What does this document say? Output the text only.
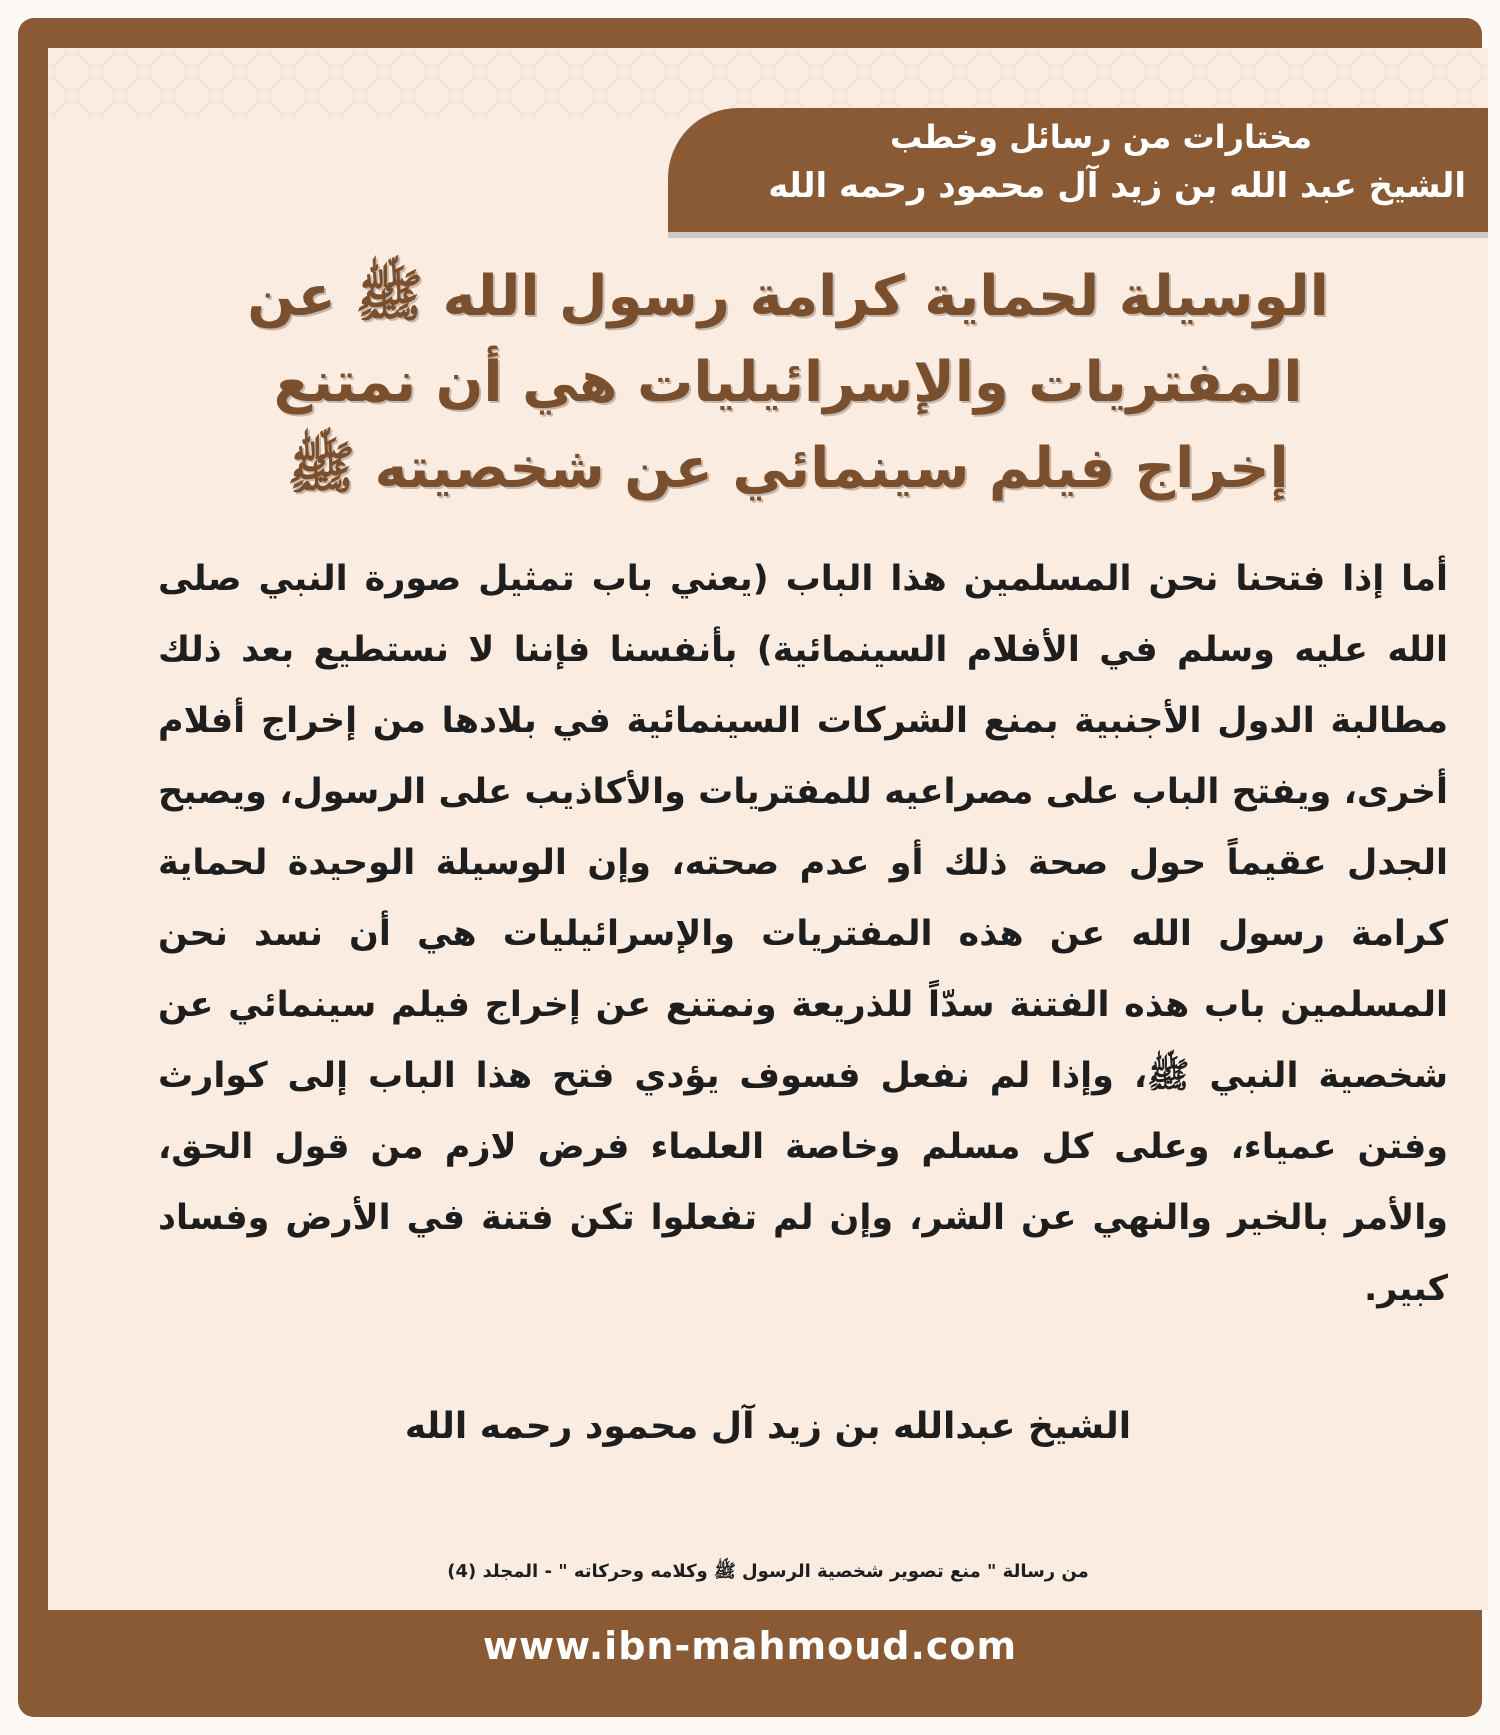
مختارات من رسائل وخطب
الشيخ عبد الله بن زيد آل محمود رحمه الله
الوسيلة لحماية كرامة رسول الله ﷺ عن المفتريات والإسرائيليات هي أن نمتنع إخراج فيلم سينمائي عن شخصيته ﷺ
أما إذا فتحنا نحن المسلمين هذا الباب (يعني باب تمثيل صورة النبي صلى الله عليه وسلم في الأفلام السينمائية) بأنفسنا فإننا لا نستطيع بعد ذلك مطالبة الدول الأجنبية بمنع الشركات السينمائية في بلادها من إخراج أفلام أخرى، ويفتح الباب على مصراعيه للمفتريات والأكاذيب على الرسول، ويصبح الجدل عقيماً حول صحة ذلك أو عدم صحته، وإن الوسيلة الوحيدة لحماية كرامة رسول الله عن هذه المفتريات والإسرائيليات هي أن نسد نحن المسلمين باب هذه الفتنة سدّاً للذريعة ونمتنع عن إخراج فيلم سينمائي عن شخصية النبي ﷺ، وإذا لم نفعل فسوف يؤدي فتح هذا الباب إلى كوارث وفتن عمياء، وعلى كل مسلم وخاصة العلماء فرض لازم من قول الحق، والأمر بالخير والنهي عن الشر، وإن لم تفعلوا تكن فتنة في الأرض وفساد كبير.
الشيخ عبدالله بن زيد آل محمود رحمه الله
من رسالة " منع تصوير شخصية الرسول ﷺ وكلامه وحركاته " - المجلد (4)
www.ibn-mahmoud.com
